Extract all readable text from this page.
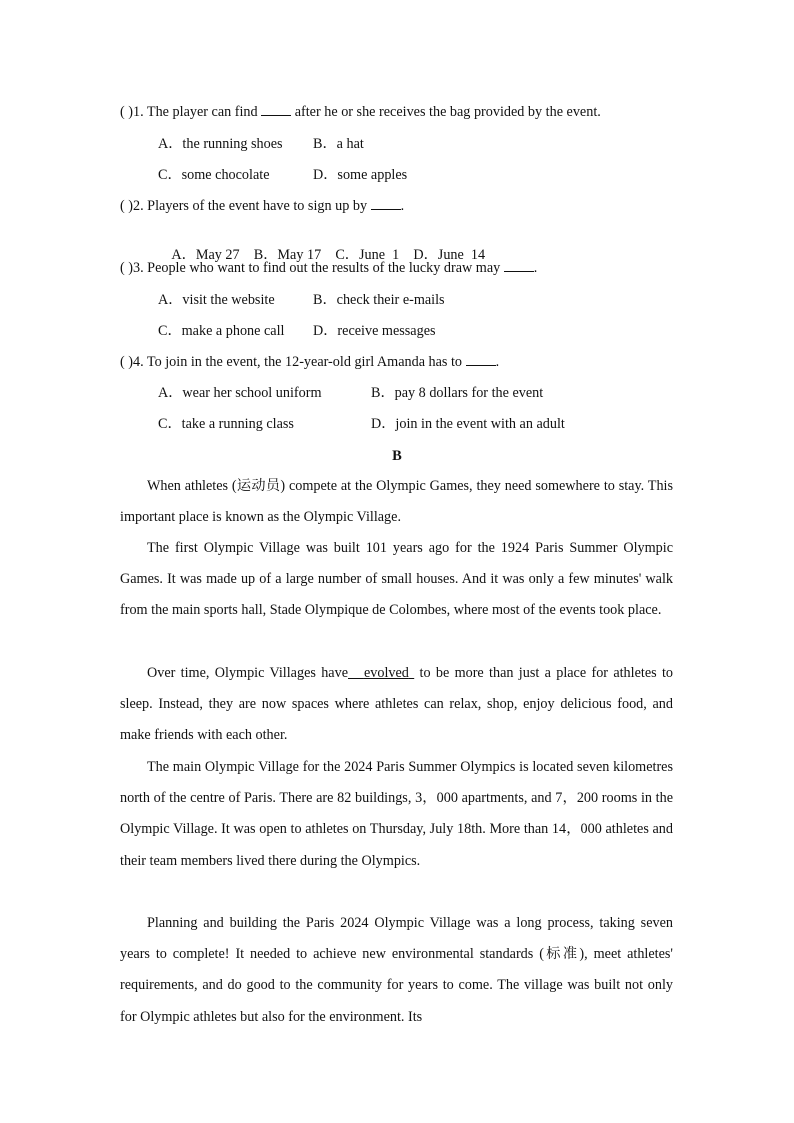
( )1. The player can find  after he or she receives the bag provided by the event.
A．the running shoes B．a hat
C．some chocolate	D．some apples
( )2. Players of the event have to sign up by .

A．May 27    B．May 17    C．June  1    D．June  14

( )3. People who want to find out the results of the lucky draw may .
A．visit the website	B．check their e-mails
C．make a phone call D．receive messages
( )4. To join in the event, the 12-year-old girl Amanda has to .
A．wear her school uniform	B．pay 8 dollars for the event
C．take a running class	D．join in the event with an adult
B
When athletes (运动员) compete at the Olympic Games, they need somewhere to stay. This important place is known as the Olympic Village.
The first Olympic Village was built 101 years ago for the 1924 Paris Summer Olympic Games. It was made up of a large number of small houses. And it was only a few minutes' walk from the main sports hall, Stade Olympique de Colombes, where most of the events took place.
Over time, Olympic Villages have evolved  to be more than just a place for athletes to sleep. Instead, they are now spaces where athletes can relax, shop, enjoy delicious food, and make friends with each other.
The main Olympic Village for the 2024 Paris Summer Olympics is located seven kilometres north of the centre of Paris. There are 82 buildings, 3，000 apartments, and 7，200 rooms in the Olympic Village. It was open to athletes on Thursday, July 18th. More than 14，000 athletes and their team members lived there during the Olympics.
Planning and building the Paris 2024 Olympic Village was a long process, taking seven years to complete! It needed to achieve new environmental standards (标准), meet athletes' requirements, and do good to the community for years to come. The village was built not only for Olympic athletes but also for the environment. Its
